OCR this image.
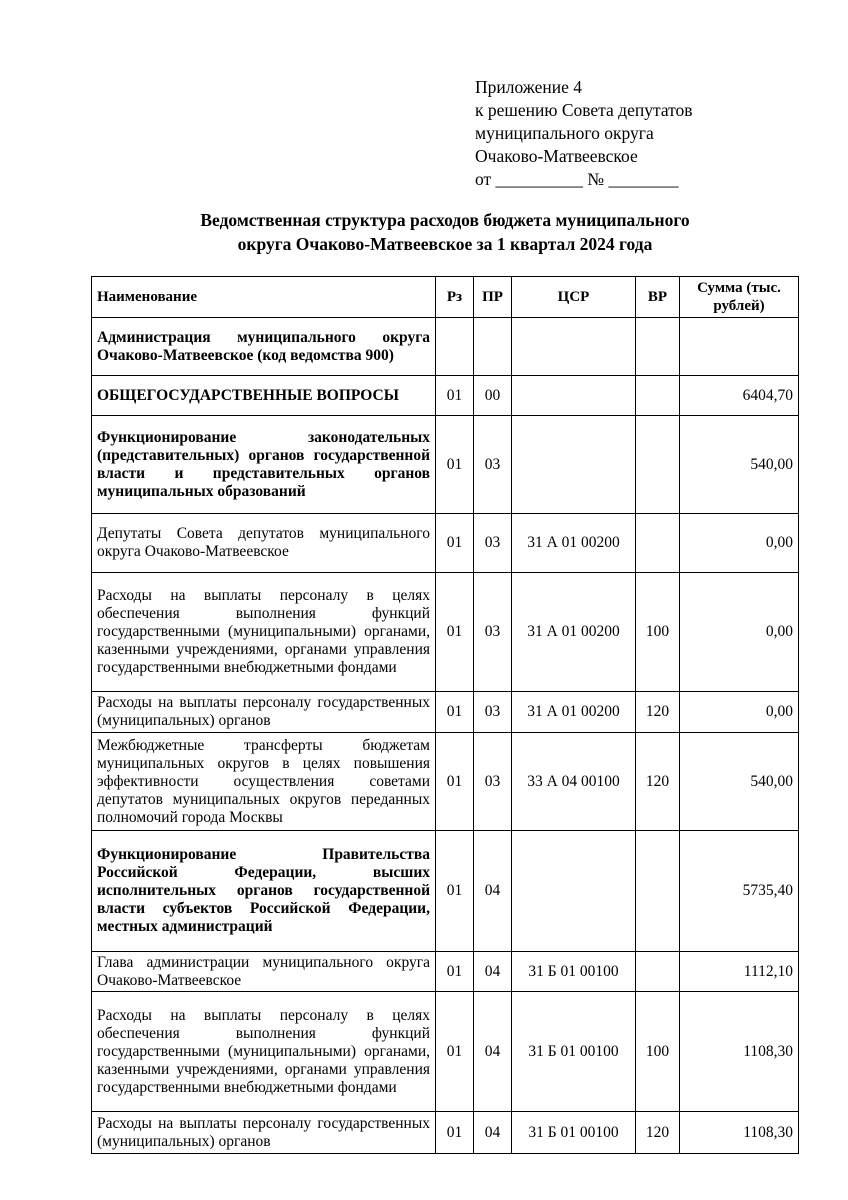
Приложение 4
к решению Совета депутатов
муниципального округа
Очаково-Матвеевское
от __________ № ________
Ведомственная структура расходов бюджета муниципального
округа Очаково-Матвеевское за 1 квартал 2024 года
Наименование	Рз	ПР	ЦСР	ВР	Сумма (тыс. рублей)
Администрация муниципального округа Очаково-Матвеевское (код ведомства 900)					
ОБЩЕГОСУДАРСТВЕННЫЕ ВОПРОСЫ	01	00			6404,70
Функционирование законодательных (представительных) органов государственной власти и представительных органов муниципальных образований	01	03			540,00
Депутаты Совета депутатов муниципального округа Очаково-Матвеевское	01	03	31 А 01 00200		0,00
Расходы на выплаты персоналу в целях обеспечения выполнения функций государственными (муниципальными) органами, казенными учреждениями, органами управления государственными внебюджетными фондами	01	03	31 А 01 00200	100	0,00
Расходы на выплаты персоналу государственных (муниципальных) органов	01	03	31 А 01 00200	120	0,00
Межбюджетные трансферты бюджетам муниципальных округов в целях повышения эффективности осуществления советами депутатов муниципальных округов переданных полномочий города Москвы	01	03	33 А 04 00100	120	540,00
Функционирование Правительства Российской Федерации, высших исполнительных органов государственной власти субъектов Российской Федерации, местных администраций	01	04			5735,40
Глава администрации муниципального округа Очаково-Матвеевское	01	04	31 Б 01 00100		1112,10
Расходы на выплаты персоналу в целях обеспечения выполнения функций государственными (муниципальными) органами, казенными учреждениями, органами управления государственными внебюджетными фондами	01	04	31 Б 01 00100	100	1108,30
Расходы на выплаты персоналу государственных (муниципальных) органов	01	04	31 Б 01 00100	120	1108,30
